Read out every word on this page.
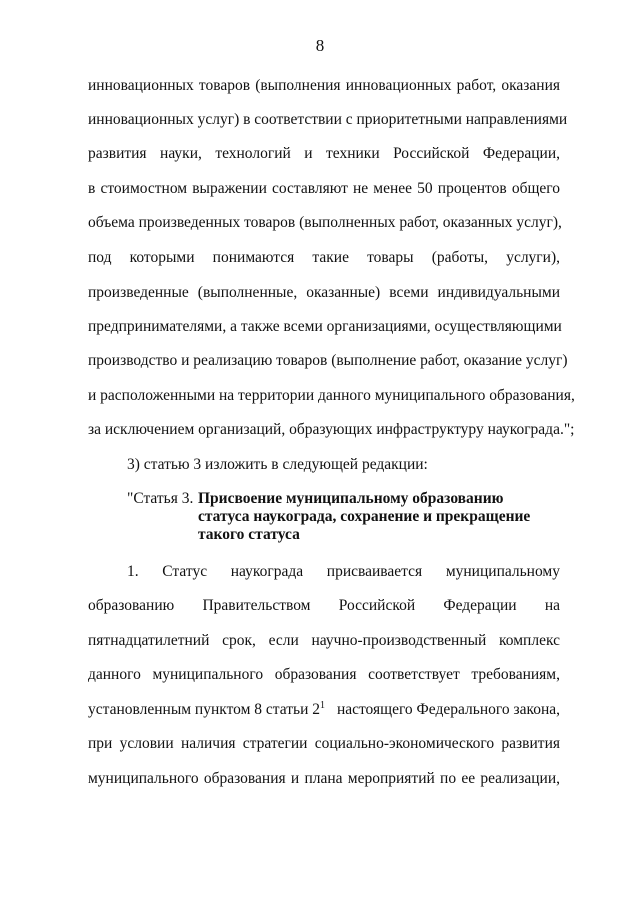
8
инновационных товаров (выполнения инновационных работ, оказания
инновационных услуг) в соответствии с приоритетными направлениями
развития науки, технологий и техники Российской Федерации,
в стоимостном выражении составляют не менее 50 процентов общего
объема произведенных товаров (выполненных работ, оказанных услуг),
под которыми понимаются такие товары (работы, услуги),
произведенные (выполненные, оказанные) всеми индивидуальными
предпринимателями, а также всеми организациями, осуществляющими
производство и реализацию товаров (выполнение работ, оказание услуг)
и расположенными на территории данного муниципального образования,
за исключением организаций, образующих инфраструктуру наукограда.";
3) статью 3 изложить в следующей редакции:
"Статья 3. Присвоение муниципальному образованию
статуса наукограда, сохранение и прекращение
такого статуса
1. Статус наукограда присваивается муниципальному
образованию Правительством Российской Федерации на
пятнадцатилетний срок, если научно-производственный комплекс
данного муниципального образования соответствует требованиям,
установленным пунктом 8 статьи $2^1$ настоящего Федерального закона,
при условии наличия стратегии социально-экономического развития
муниципального образования и плана мероприятий по ее реализации,
